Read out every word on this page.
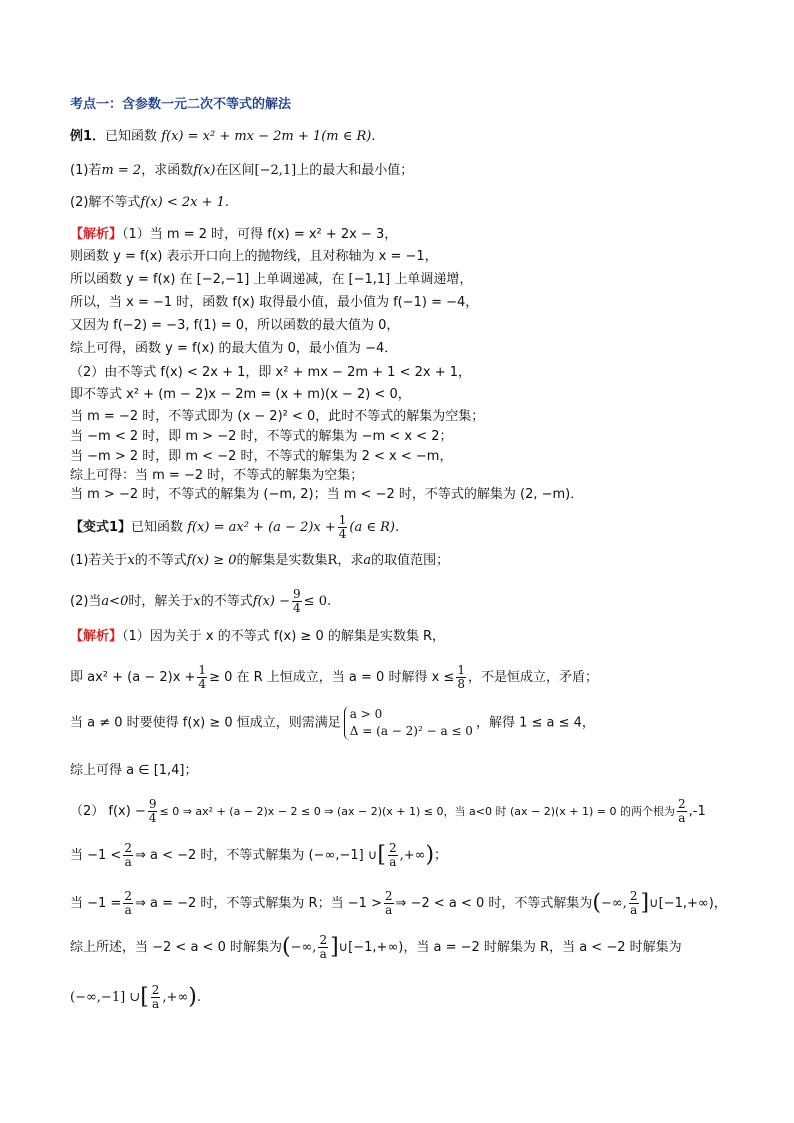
考点一：含参数一元二次不等式的解法
例1．已知函数 f(x) = x² + mx − 2m + 1(m ∈ R).
(1)若m = 2，求函数f(x)在区间[−2,1]上的最大和最小值；
(2)解不等式f(x) < 2x + 1.
【解析】（1）当 m = 2 时，可得 f(x) = x² + 2x − 3，
则函数 y = f(x) 表示开口向上的抛物线，且对称轴为 x = −1，
所以函数 y = f(x) 在 [−2,−1] 上单调递减，在 [−1,1] 上单调递增，
所以，当 x = −1 时，函数 f(x) 取得最小值，最小值为 f(−1) = −4，
又因为 f(−2) = −3, f(1) = 0，所以函数的最大值为 0，
综上可得，函数 y = f(x) 的最大值为 0，最小值为 −4．
（2）由不等式 f(x) < 2x + 1，即 x² + mx − 2m + 1 < 2x + 1，
即不等式 x² + (m − 2)x − 2m = (x + m)(x − 2) < 0，
当 m = −2 时，不等式即为 (x − 2)² < 0，此时不等式的解集为空集；
当 −m < 2 时，即 m > −2 时，不等式的解集为 −m < x < 2；
当 −m > 2 时，即 m < −2 时，不等式的解集为 2 < x < −m，
综上可得：当 m = −2 时，不等式的解集为空集；
当 m > −2 时，不等式的解集为 (−m, 2)；当 m < −2 时，不等式的解集为 (2, −m)．
【变式1】已知函数 $f(x) = ax^2 + (a - 2)x + \frac{1}{4} (a$ ∈ R).
(1)若关于x的不等式f(x) ≥ 0的解集是实数集R，求a的取值范围；
(2)当a<0时，解关于x的不等式$f(x) - \frac{9}{4} \le 0$.
【解析】（1）因为关于 x 的不等式 f(x) ≥ 0 的解集是实数集 R，
即 $ax^2 + (a - 2)x + \frac{1}{4} \ge 0$ 在 R 上恒成立，当 a = 0 时解得 $x \le \frac{1}{8}$ ，不是恒成立，矛盾；
当 a ≠ 0 时要使得 f(x) ≥ 0 恒成立，则需满足
a > 0
Δ = (a − 2)² − a ≤ 0
，解得 1 ≤ a ≤ 4，
综上可得 a ∈ [1,4]；
（2） $f(x) - \frac{9}{4} \le 0$ ⇒ ax² + (a − 2)x − 2 ≤ 0 ⇒ (ax − 2)(x + 1) ≤ 0，当 a<0 时 (ax − 2)(x + 1) = 0 的两个根为 $\frac{2}{a} ,-1$
当 $-1 < \frac{2}{a}$ ⇒ a < −2 时，不等式解集为 (−∞,−1] ∪[ $\frac{2}{a}$ ,+∞)；
当 $-1 = \frac{2}{a}$ ⇒ a = −2 时，不等式解集为 R；当 $-1 > \frac{2}{a}$ ⇒ −2 < a < 0 时，不等式解集为(−∞, $\frac{2}{a}$ ]∪[−1,+∞)，
综上所述，当 −2 < a < 0 时解集为(−∞, $\frac{2}{a}$ ]∪[−1,+∞)，当 a = −2 时解集为 R，当 a < −2 时解集为
(−∞,−1] ∪[ $\frac{2}{a}$ ,+∞).
